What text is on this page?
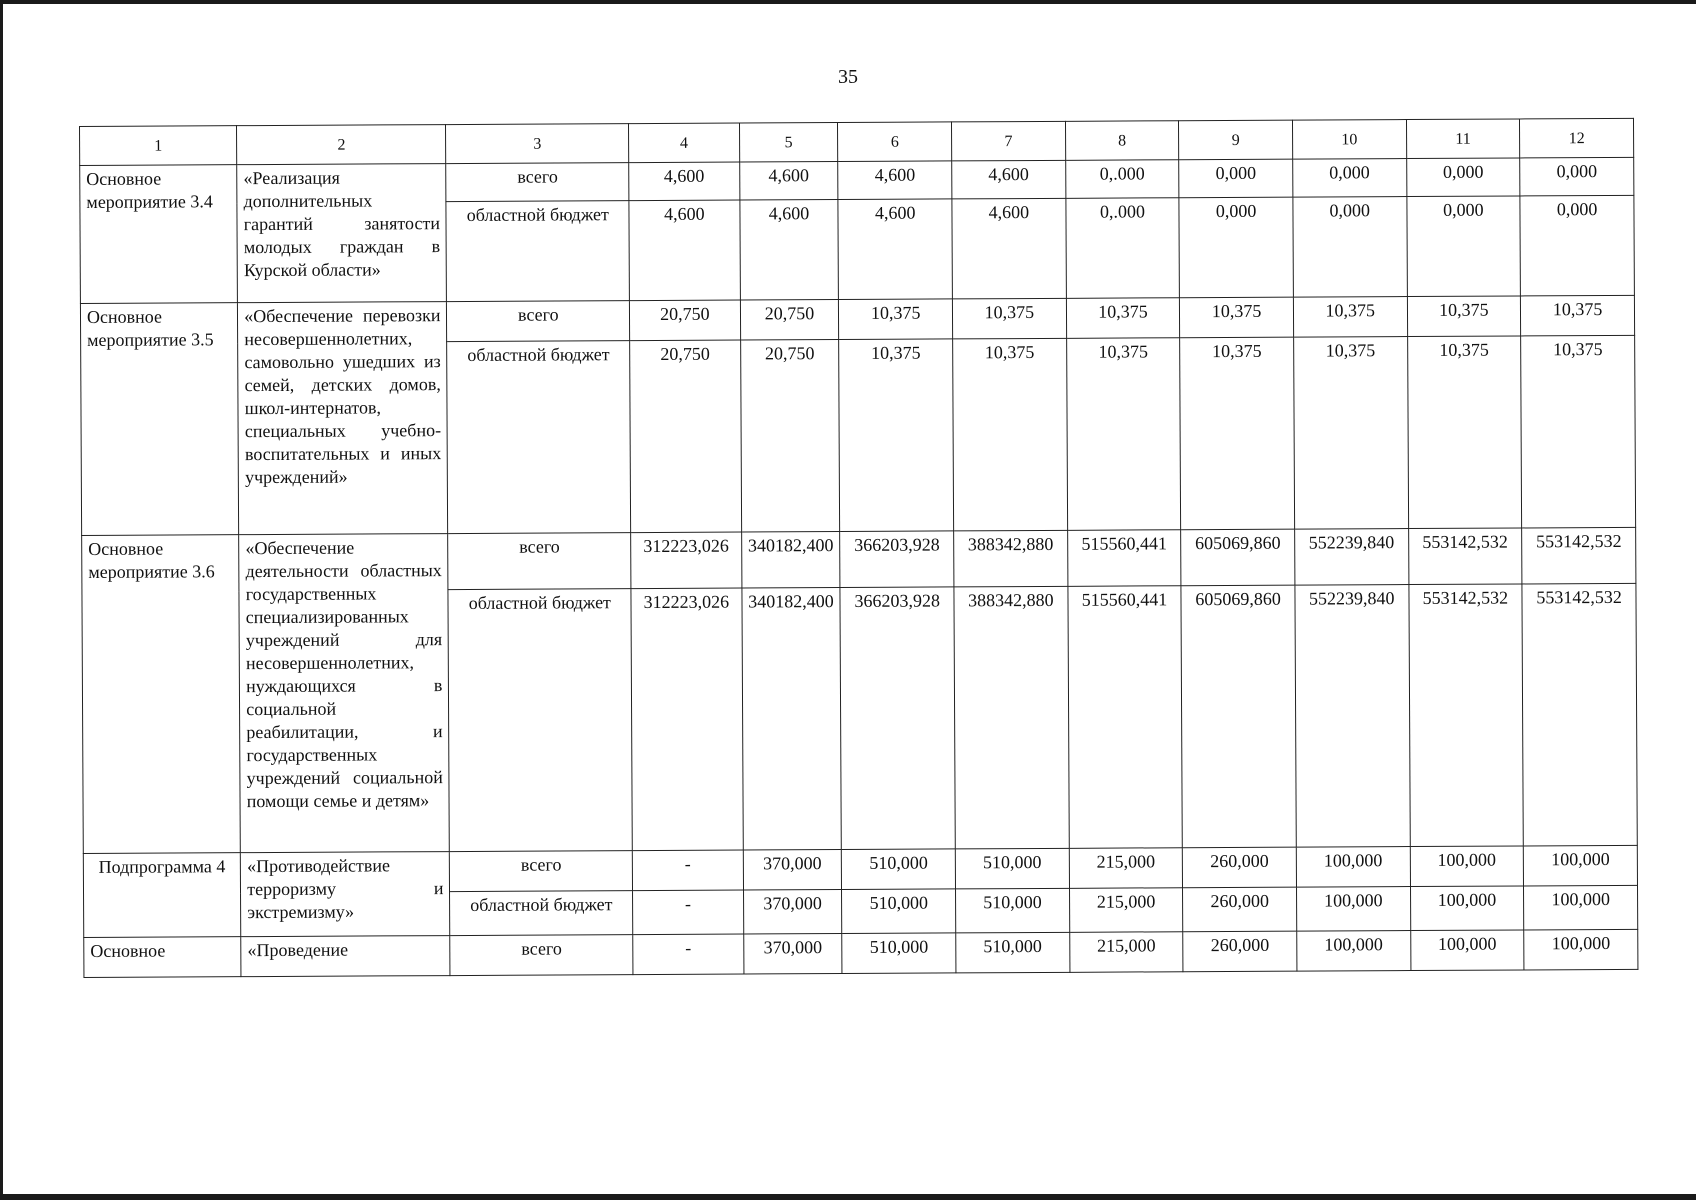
35
1	2	3	4	5	6	7	8	9	10	11	12
Основное мероприятие 3.4	«Реализация дополнительных гарантий занятости молодых граждан в Курской области»	всего	4,600	4,600	4,600	4,600	0,.000	0,000	0,000	0,000	0,000
		областной бюджет	4,600	4,600	4,600	4,600	0,.000	0,000	0,000	0,000	0,000
Основное мероприятие 3.5	«Обеспечение перевозки несовершеннолетних, самовольно ушедших из семей, детских домов, школ-интернатов, специальных учебно-воспитательных и иных учреждений»	всего	20,750	20,750	10,375	10,375	10,375	10,375	10,375	10,375	10,375
		областной бюджет	20,750	20,750	10,375	10,375	10,375	10,375	10,375	10,375	10,375
Основное мероприятие 3.6	«Обеспечение деятельности областных государственных специализированных учреждений для несовершеннолетних, нуждающихся в социальной реабилитации, и государственных учреждений социальной помощи семье и детям»	всего	312223,026	340182,400	366203,928	388342,880	515560,441	605069,860	552239,840	553142,532	553142,532
		областной бюджет	312223,026	340182,400	366203,928	388342,880	515560,441	605069,860	552239,840	553142,532	553142,532
Подпрограмма 4	«Противодействие терроризму и экстремизму»	всего	-	370,000	510,000	510,000	215,000	260,000	100,000	100,000	100,000
		областной бюджет	-	370,000	510,000	510,000	215,000	260,000	100,000	100,000	100,000
Основное	«Проведение	всего	-	370,000	510,000	510,000	215,000	260,000	100,000	100,000	100,000
